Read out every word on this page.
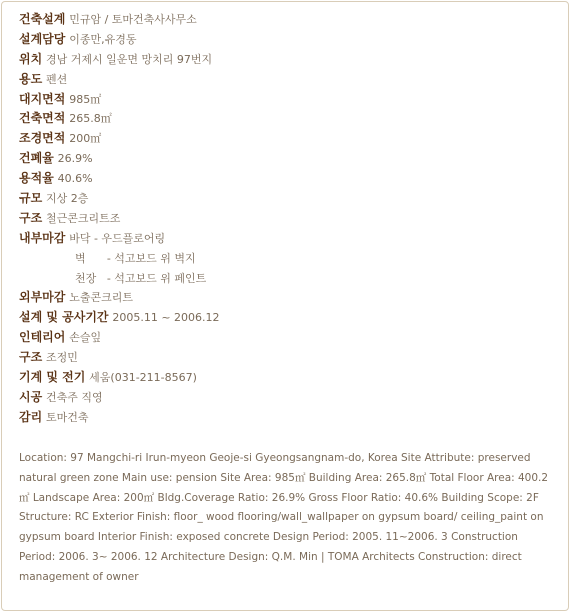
건축설계 민규암 / 토마건축사사무소
설계담당 이종만,유경동
위치 경남 거제시 일운면 망치리 97번지
용도 펜션
대지면적 985㎡
건축면적 265.8㎡
조경면적 200㎡
건폐율 26.9%
용적율 40.6%
규모 지상 2층
구조 철근콘크리트조
내부마감 바닥 - 우드플로어링
벽 - 석고보드 위 벽지
천장 - 석고보드 위 페인트
외부마감 노출콘크리트
설계 및 공사기간 2005.11 ~ 2006.12
인테리어 손슬잎
구조 조정민
기계 및 전기 세움(031-211-8567)
시공 건축주 직영
감리 토마건축

Location: 97 Mangchi-ri Irun-myeon Geoje-si Gyeongsangnam-do, Korea Site Attribute: preserved natural green zone Main use: pension Site Area: 985㎡ Building Area: 265.8㎡ Total Floor Area: 400.2㎡ Landscape Area: 200㎡ Bldg.Coverage Ratio: 26.9% Gross Floor Ratio: 40.6% Building Scope: 2F Structure: RC Exterior Finish: floor_ wood flooring/wall_wallpaper on gypsum board/ ceiling_paint on gypsum board Interior Finish: exposed concrete Design Period: 2005. 11~2006. 3 Construction Period: 2006. 3~ 2006. 12 Architecture Design: Q.M. Min | TOMA Architects Construction: direct management of owner
